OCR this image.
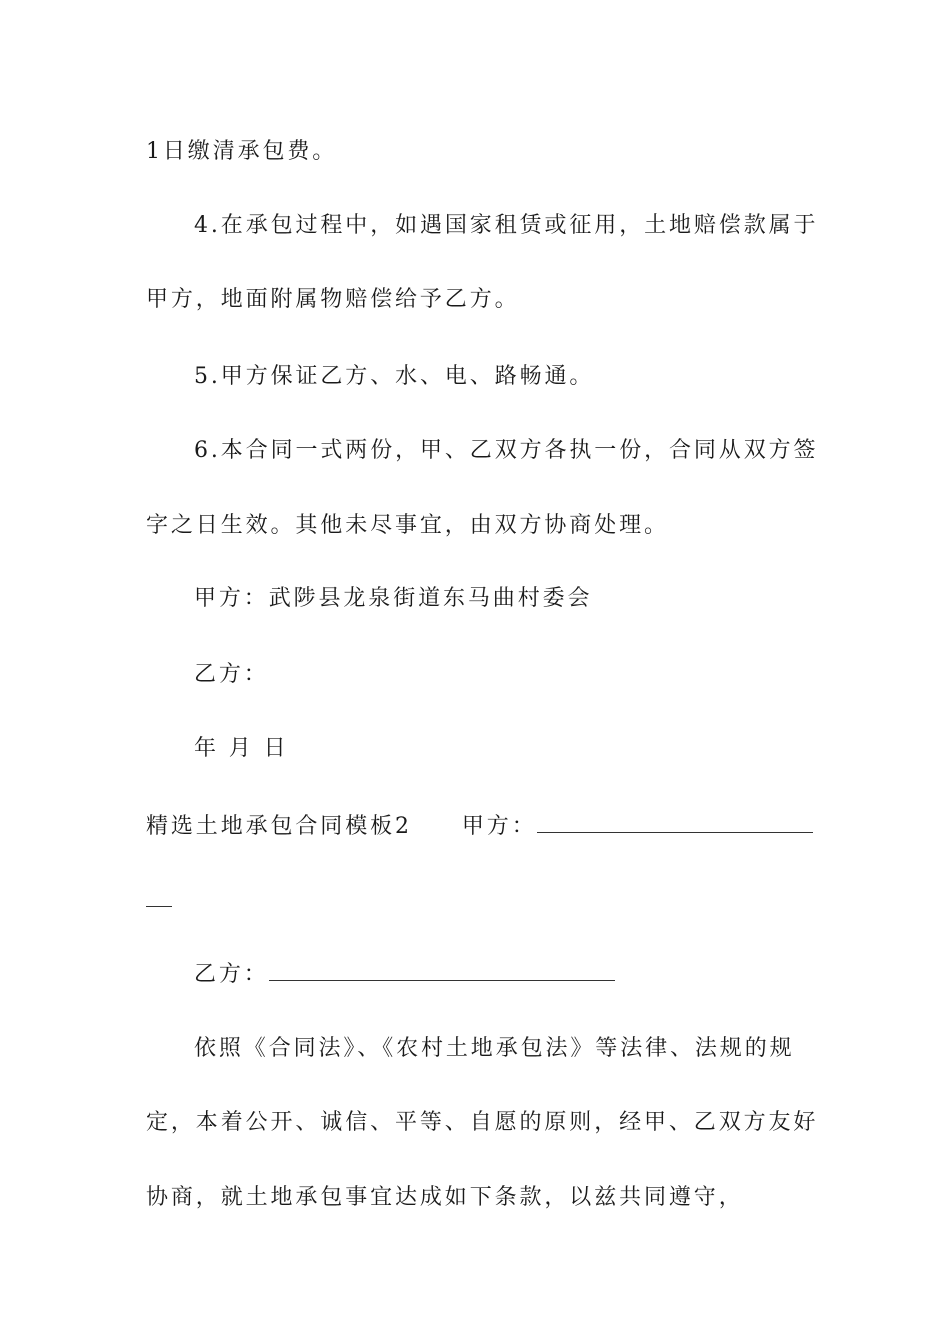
1日缴清承包费。
4.在承包过程中，如遇国家租赁或征用，土地赔偿款属于
甲方，地面附属物赔偿给予乙方。
5.甲方保证乙方、水、电、路畅通。
6.本合同一式两份，甲、乙双方各执一份，合同从双方签
字之日生效。其他未尽事宜，由双方协商处理。
甲方：武陟县龙泉街道东马曲村委会
乙方：
年 月 日
精选土地承包合同模板2 甲方：
乙方：
依照《合同法》、《农村土地承包法》等法律、法规的规
定，本着公开、诚信、平等、自愿的原则，经甲、乙双方友好
协商，就土地承包事宜达成如下条款，以兹共同遵守，
